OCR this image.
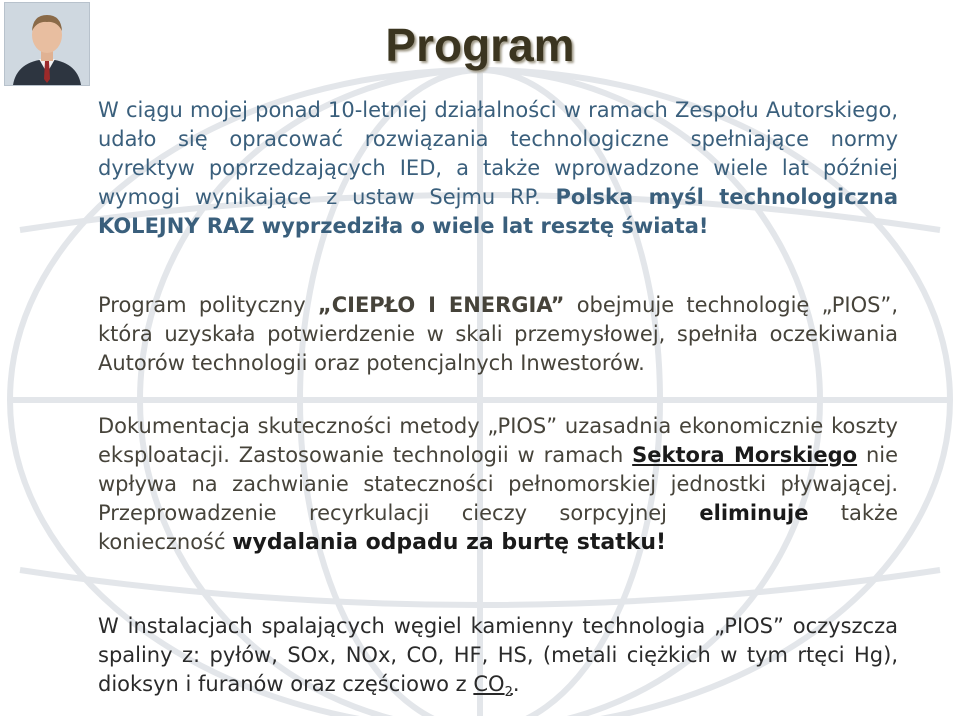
Program

W ciągu mojej ponad 10-letniej działalności w ramach Zespołu Autorskiego, udało się opracować rozwiązania technologiczne spełniające normy dyrektyw poprzedzających IED, a także wprowadzone wiele lat później wymogi wynikające z ustaw Sejmu RP. Polska myśl technologiczna KOLEJNY RAZ wyprzedziła o wiele lat resztę świata!

Program polityczny „CIEPŁO I ENERGIA” obejmuje technologię „PIOS”, która uzyskała potwierdzenie w skali przemysłowej, spełniła oczekiwania Autorów technologii oraz potencjalnych Inwestorów.

Dokumentacja skuteczności metody „PIOS” uzasadnia ekonomicznie koszty eksploatacji. Zastosowanie technologii w ramach Sektora Morskiego nie wpływa na zachwianie stateczności pełnomorskiej jednostki pływającej. Przeprowadzenie recyrkulacji cieczy sorpcyjnej eliminuje także konieczność wydalania odpadu za burtę statku!

W instalacjach spalających węgiel kamienny technologia „PIOS” oczyszcza spaliny z: pyłów, SOx, NOx, CO, HF, HS, (metali ciężkich w tym rtęci Hg), dioksyn i furanów oraz częściowo z $CO_2$.
